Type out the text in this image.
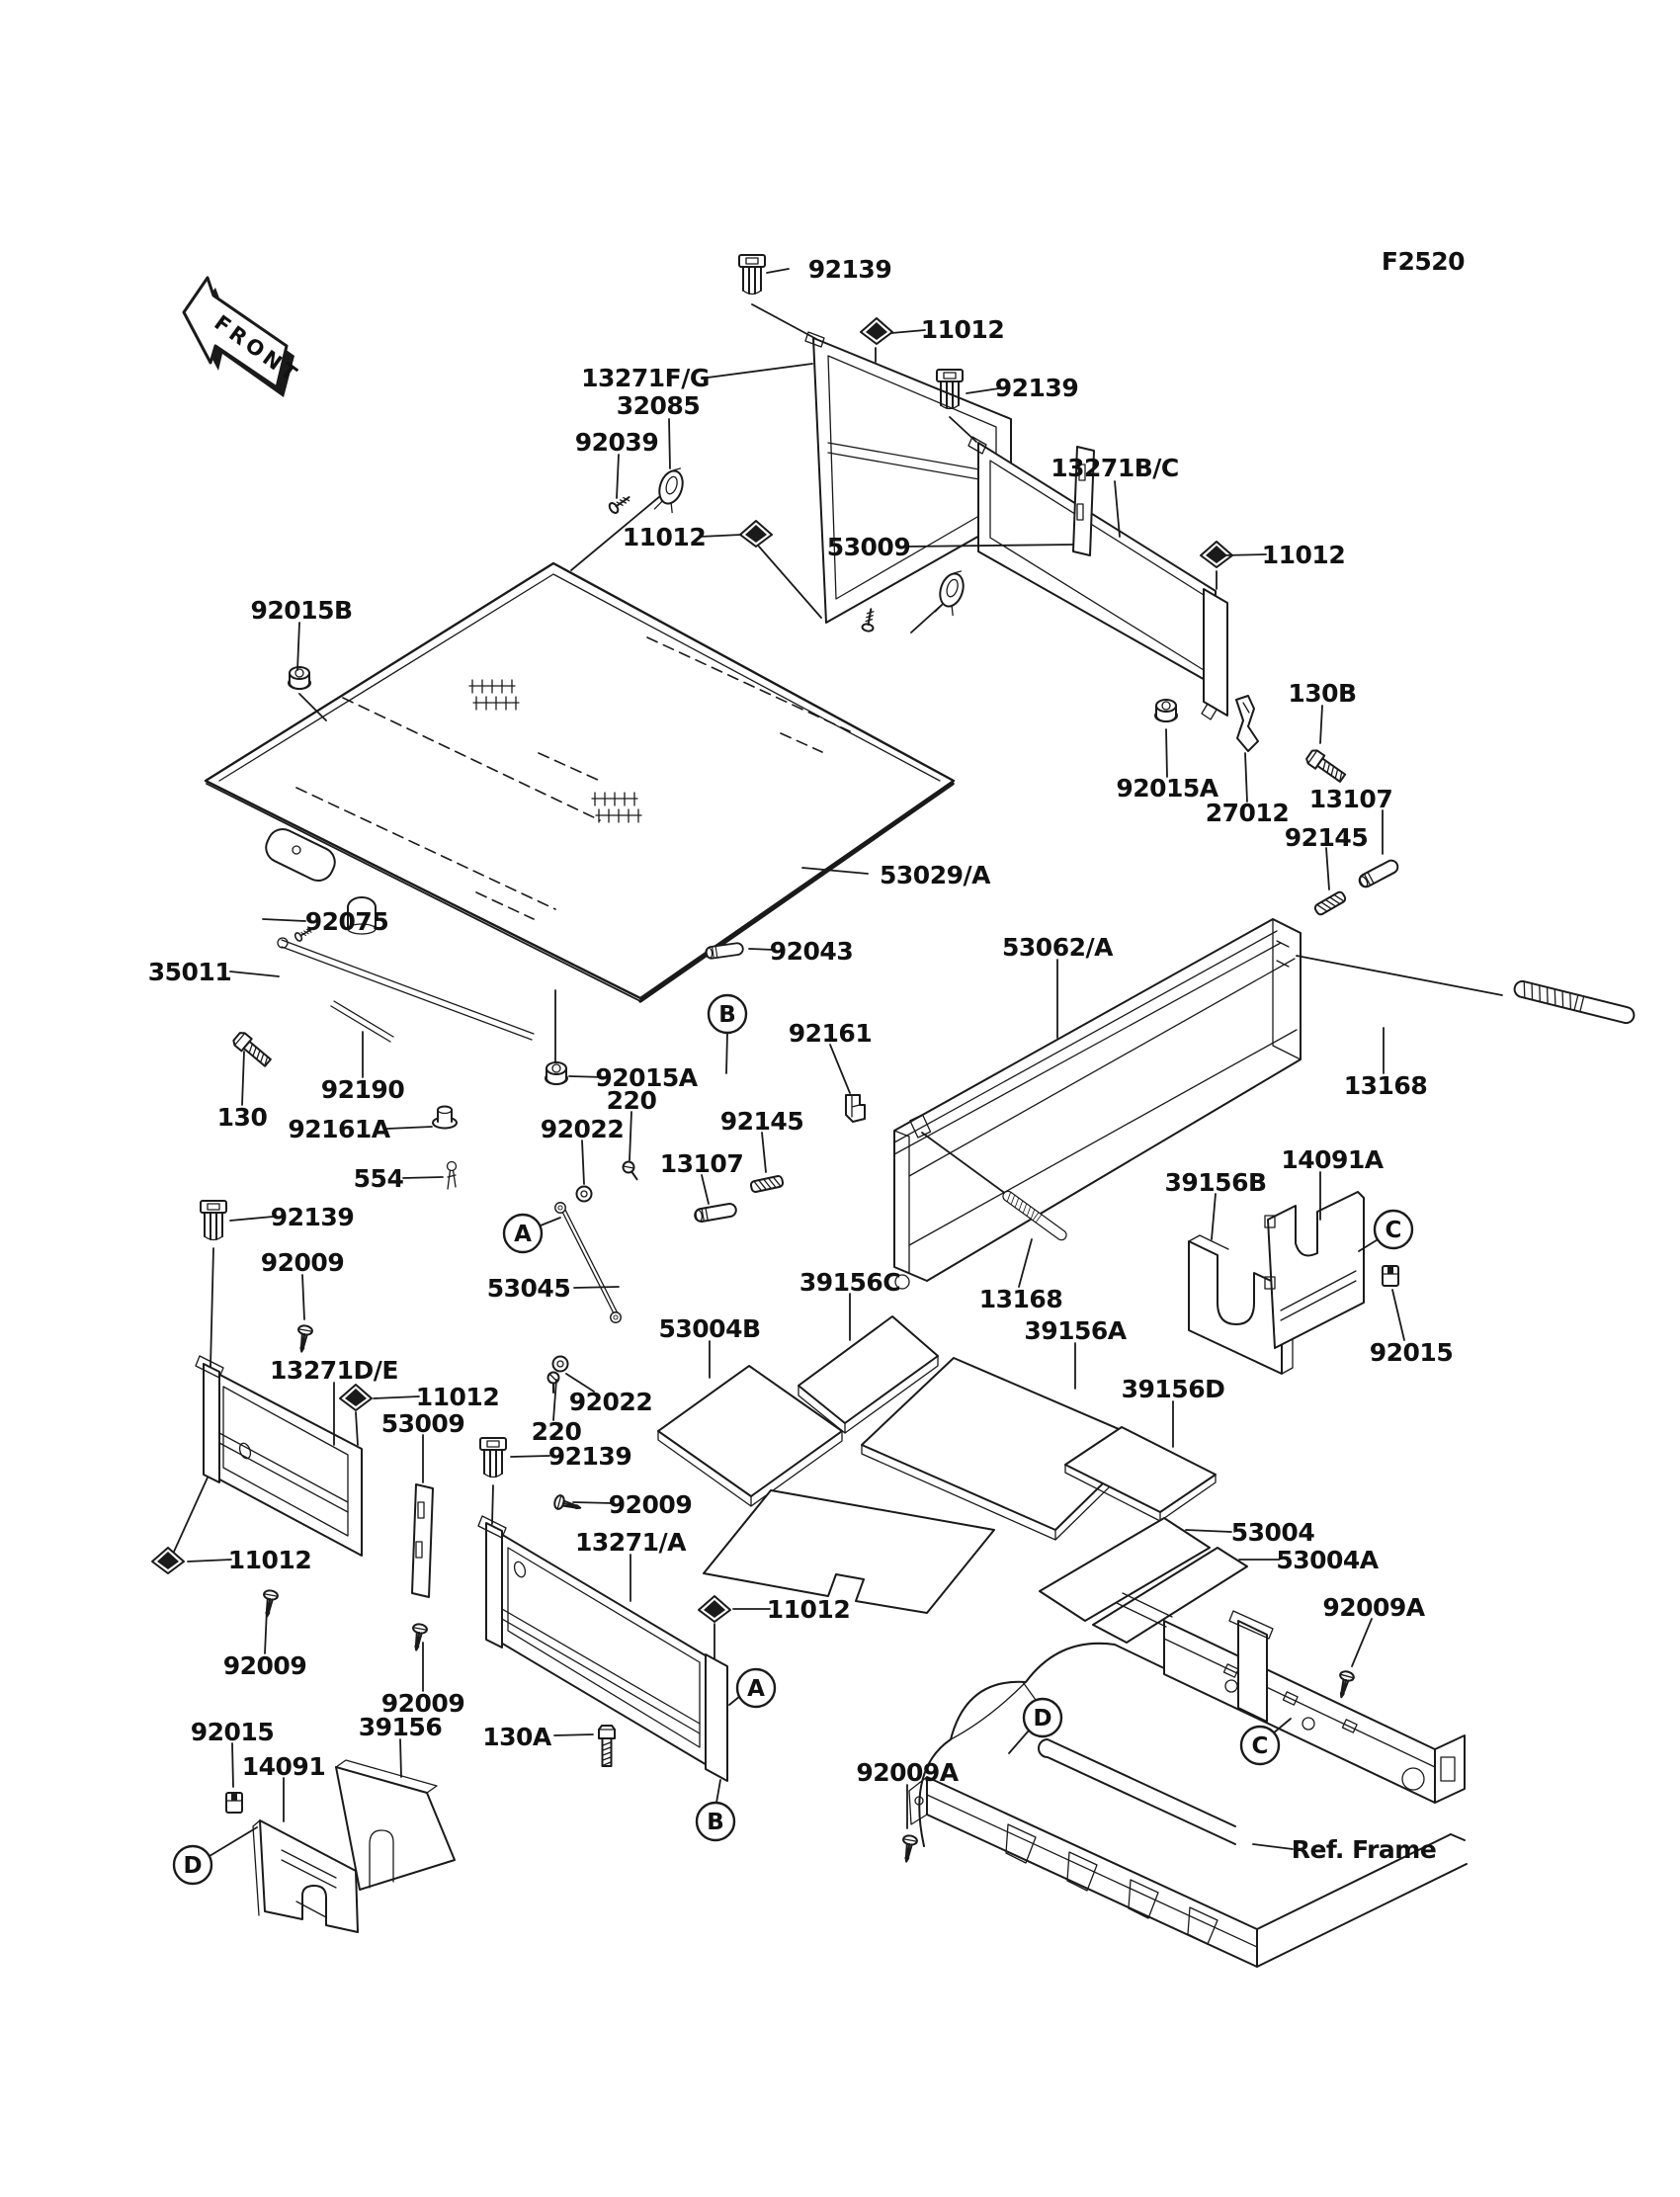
FRONT
92139
11012
13271F/G
32085
92039
11012	53009
92139
13271B/C
11012
130B
92015A
27012 13107
92145
13168
92015B
92075
35011
92190
130 92161A
554
92139
92009
92015A
220
92022
13107
92145
92161
53029/A
92043	53062/A
53045	13168
14091A
39156B
92015
39156D
53004B
39156C
39156A
13271D/E
11012
53009
11012
92022
220
92139
92009
13271/A
11012
130A
92009
92009
39156
92015
14091	92009A
53004
53004A
92009A
Ref. Frame
F2520
A
A
B
B
C
C
D
D
